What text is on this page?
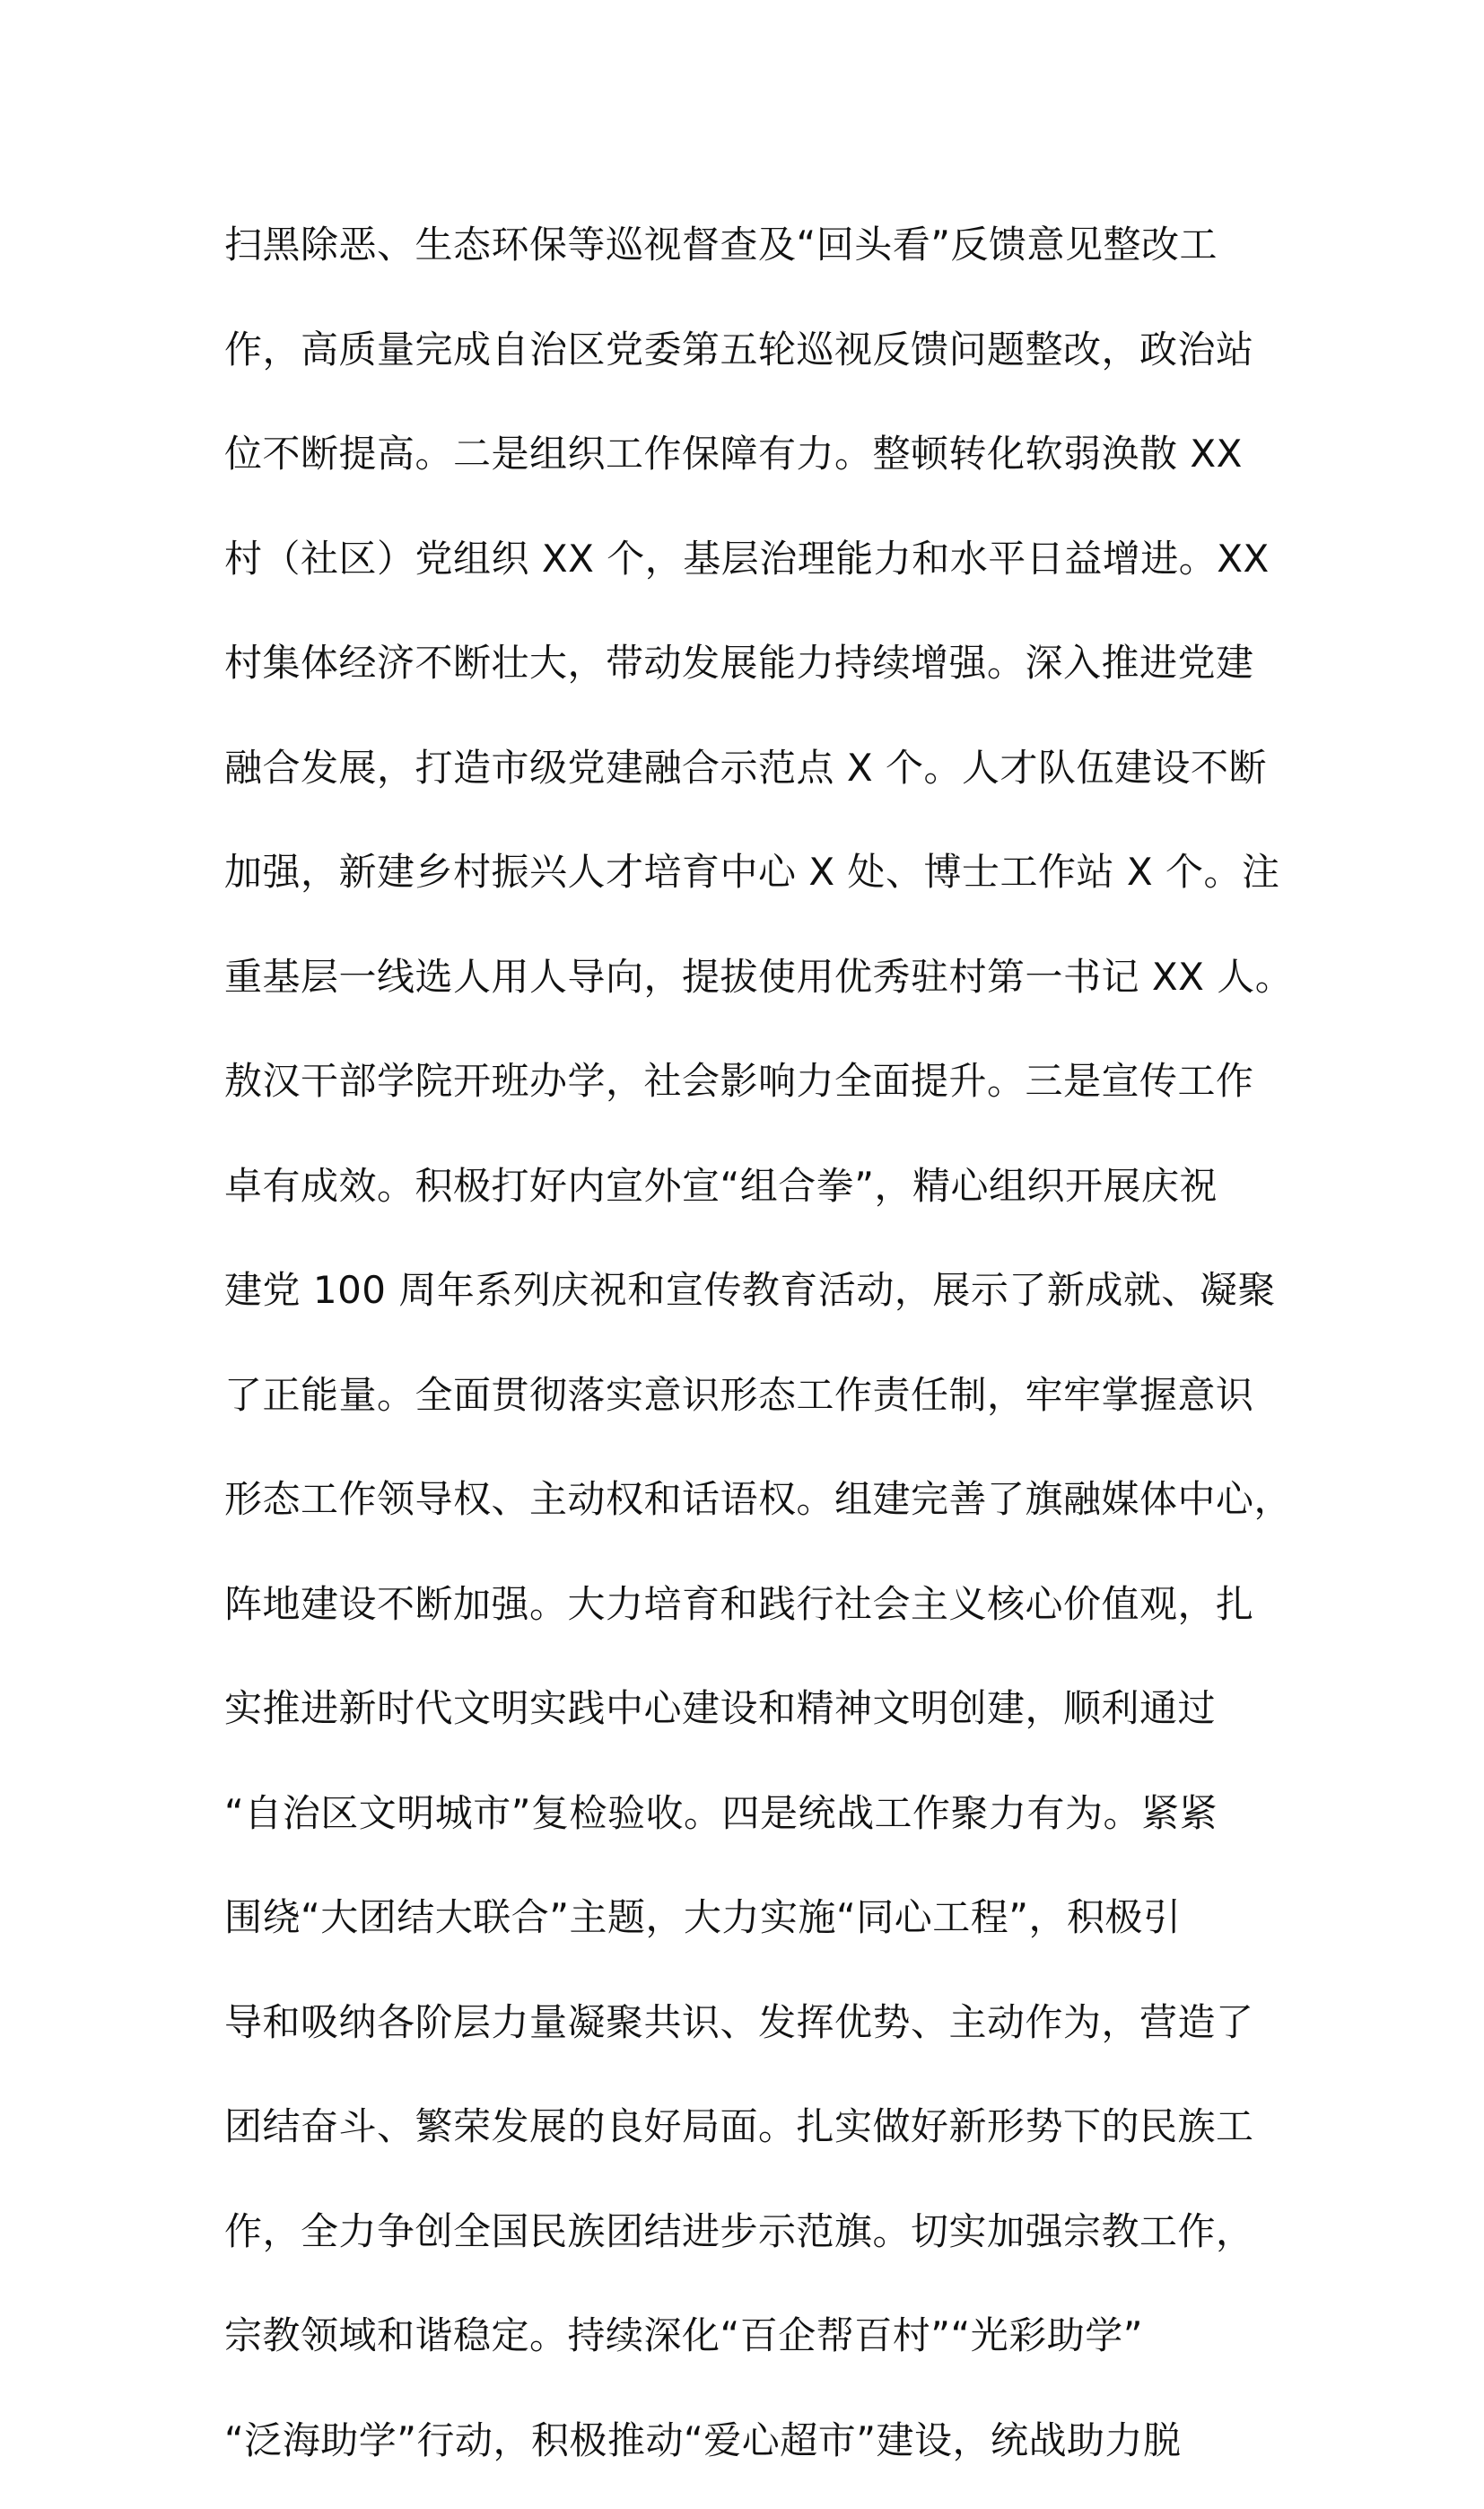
扫黑除恶、生态环保等巡视督查及“回头看”反馈意见整改工
作，高质量完成自治区党委第五轮巡视反馈问题整改，政治站
位不断提高。二是组织工作保障有力。整顿转化软弱涣散 XX
村（社区）党组织 XX 个，基层治理能力和水平日益增进。XX
村集体经济不断壮大，带动发展能力持续增强。深入推进党建
融合发展，打造市级党建融合示范点 X 个。人才队伍建设不断
加强，新建乡村振兴人才培育中心 X 处、博士工作站 X 个。注
重基层一线选人用人导向，提拔使用优秀驻村第一书记 XX 人。
敖汉干部学院开班办学，社会影响力全面提升。三是宣传工作
卓有成效。积极打好内宣外宣“组合拳”，精心组织开展庆祝
建党 100 周年系列庆祝和宣传教育活动，展示了新成就、凝聚
了正能量。全面贯彻落实意识形态工作责任制，牢牢掌握意识
形态工作领导权、主动权和话语权。组建完善了旗融媒体中心，
阵地建设不断加强。大力培育和践行社会主义核心价值观，扎
实推进新时代文明实践中心建设和精神文明创建，顺利通过
“自治区文明城市”复检验收。四是统战工作聚力有为。紧紧
围绕“大团结大联合”主题，大力实施“同心工程”，积极引
导和吸纳各阶层力量凝聚共识、发挥优势、主动作为，营造了
团结奋斗、繁荣发展的良好局面。扎实做好新形势下的民族工
作，全力争创全国民族团结进步示范旗。切实加强宗教工作，
宗教领域和谐稳定。持续深化“百企帮百村”“光彩助学”
“泛海助学”行动，积极推动“爱心超市”建设，统战助力脱
